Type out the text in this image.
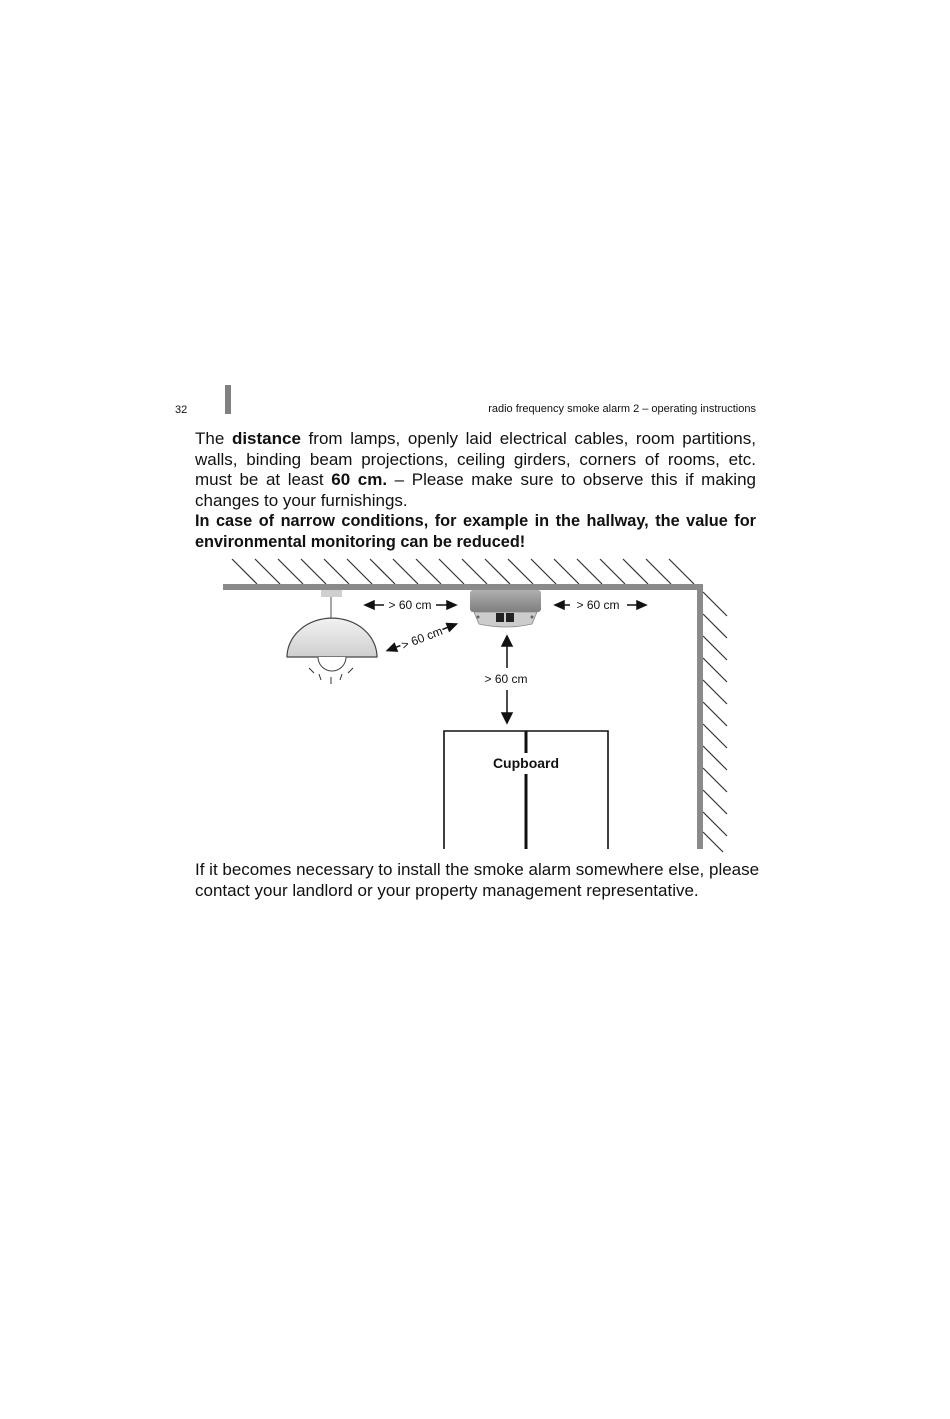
32	radio frequency smoke alarm 2 – operating instructions

The distance from lamps, openly laid electrical cables, room partitions,
walls, binding beam projections, ceiling girders, corners of rooms, etc.
must be at least 60 cm. – Please make sure to observe this if making
changes to your furnishings.

In case of narrow conditions, for example in the hallway, the value for
environmental monitoring can be reduced!

> 60 cm	> 60 cm
> 60 cm
> 60 cm
Cupboard

If it becomes necessary to install the smoke alarm somewhere else, please
contact your landlord or your property management representative.
